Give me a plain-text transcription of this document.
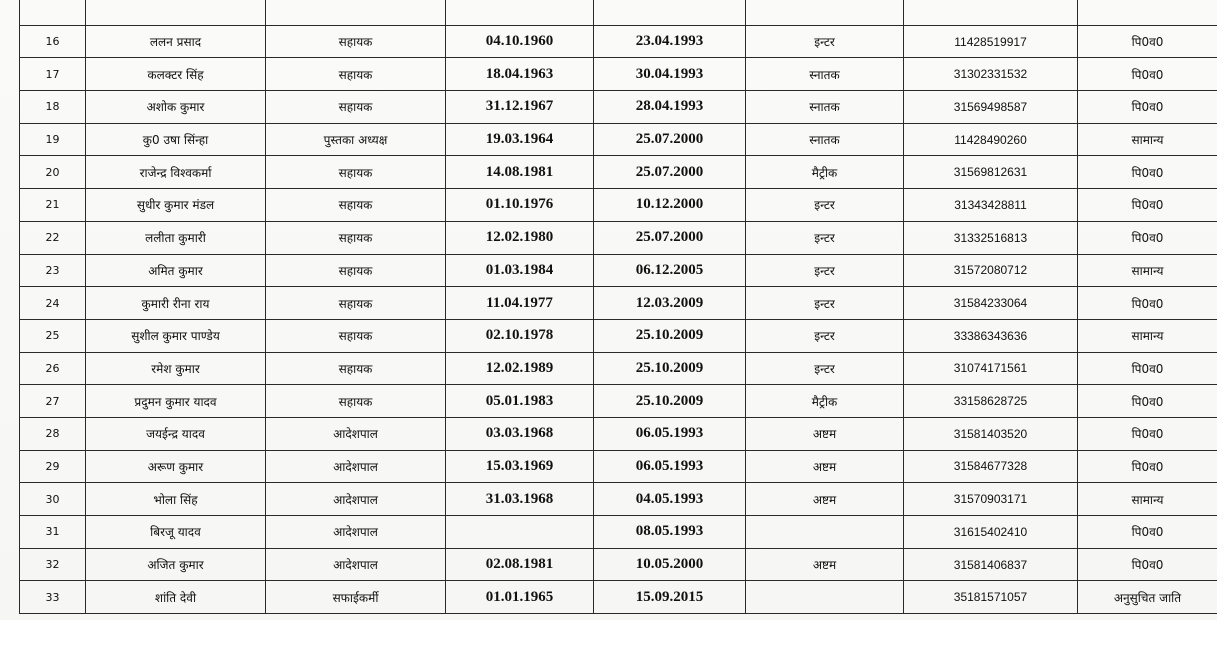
16	ललन प्रसाद	सहायक	04.10.1960	23.04.1993	इन्टर	11428519917	पि0व0
17	कलक्टर सिंह	सहायक	18.04.1963	30.04.1993	स्नातक	31302331532	पि0व0
18	अशोक कुमार	सहायक	31.12.1967	28.04.1993	स्नातक	31569498587	पि0व0
19	कु0 उषा सिंन्हा	पुस्तका अध्यक्ष	19.03.1964	25.07.2000	स्नातक	11428490260	सामान्य
20	राजेन्द्र विश्वकर्मा	सहायक	14.08.1981	25.07.2000	मैट्रीक	31569812631	पि0व0
21	सुधीर कुमार मंडल	सहायक	01.10.1976	10.12.2000	इन्टर	31343428811	पि0व0
22	ललीता कुमारी	सहायक	12.02.1980	25.07.2000	इन्टर	31332516813	पि0व0
23	अमित कुमार	सहायक	01.03.1984	06.12.2005	इन्टर	31572080712	सामान्य
24	कुमारी रीना राय	सहायक	11.04.1977	12.03.2009	इन्टर	31584233064	पि0व0
25	सुशील कुमार पाण्डेय	सहायक	02.10.1978	25.10.2009	इन्टर	33386343636	सामान्य
26	रमेश कुमार	सहायक	12.02.1989	25.10.2009	इन्टर	31074171561	पि0व0
27	प्रदुमन कुमार यादव	सहायक	05.01.1983	25.10.2009	मैट्रीक	33158628725	पि0व0
28	जयईन्द्र यादव	आदेशपाल	03.03.1968	06.05.1993	अष्टम	31581403520	पि0व0
29	अरूण कुमार	आदेशपाल	15.03.1969	06.05.1993	अष्टम	31584677328	पि0व0
30	भोला सिंह	आदेशपाल	31.03.1968	04.05.1993	अष्टम	31570903171	सामान्य
31	बिरजू यादव	आदेशपाल		08.05.1993		31615402410	पि0व0
32	अजित कुमार	आदेशपाल	02.08.1981	10.05.2000	अष्टम	31581406837	पि0व0
33	शांति देवी	सफाईकर्मी	01.01.1965	15.09.2015		35181571057	अनुसुचित जाति
